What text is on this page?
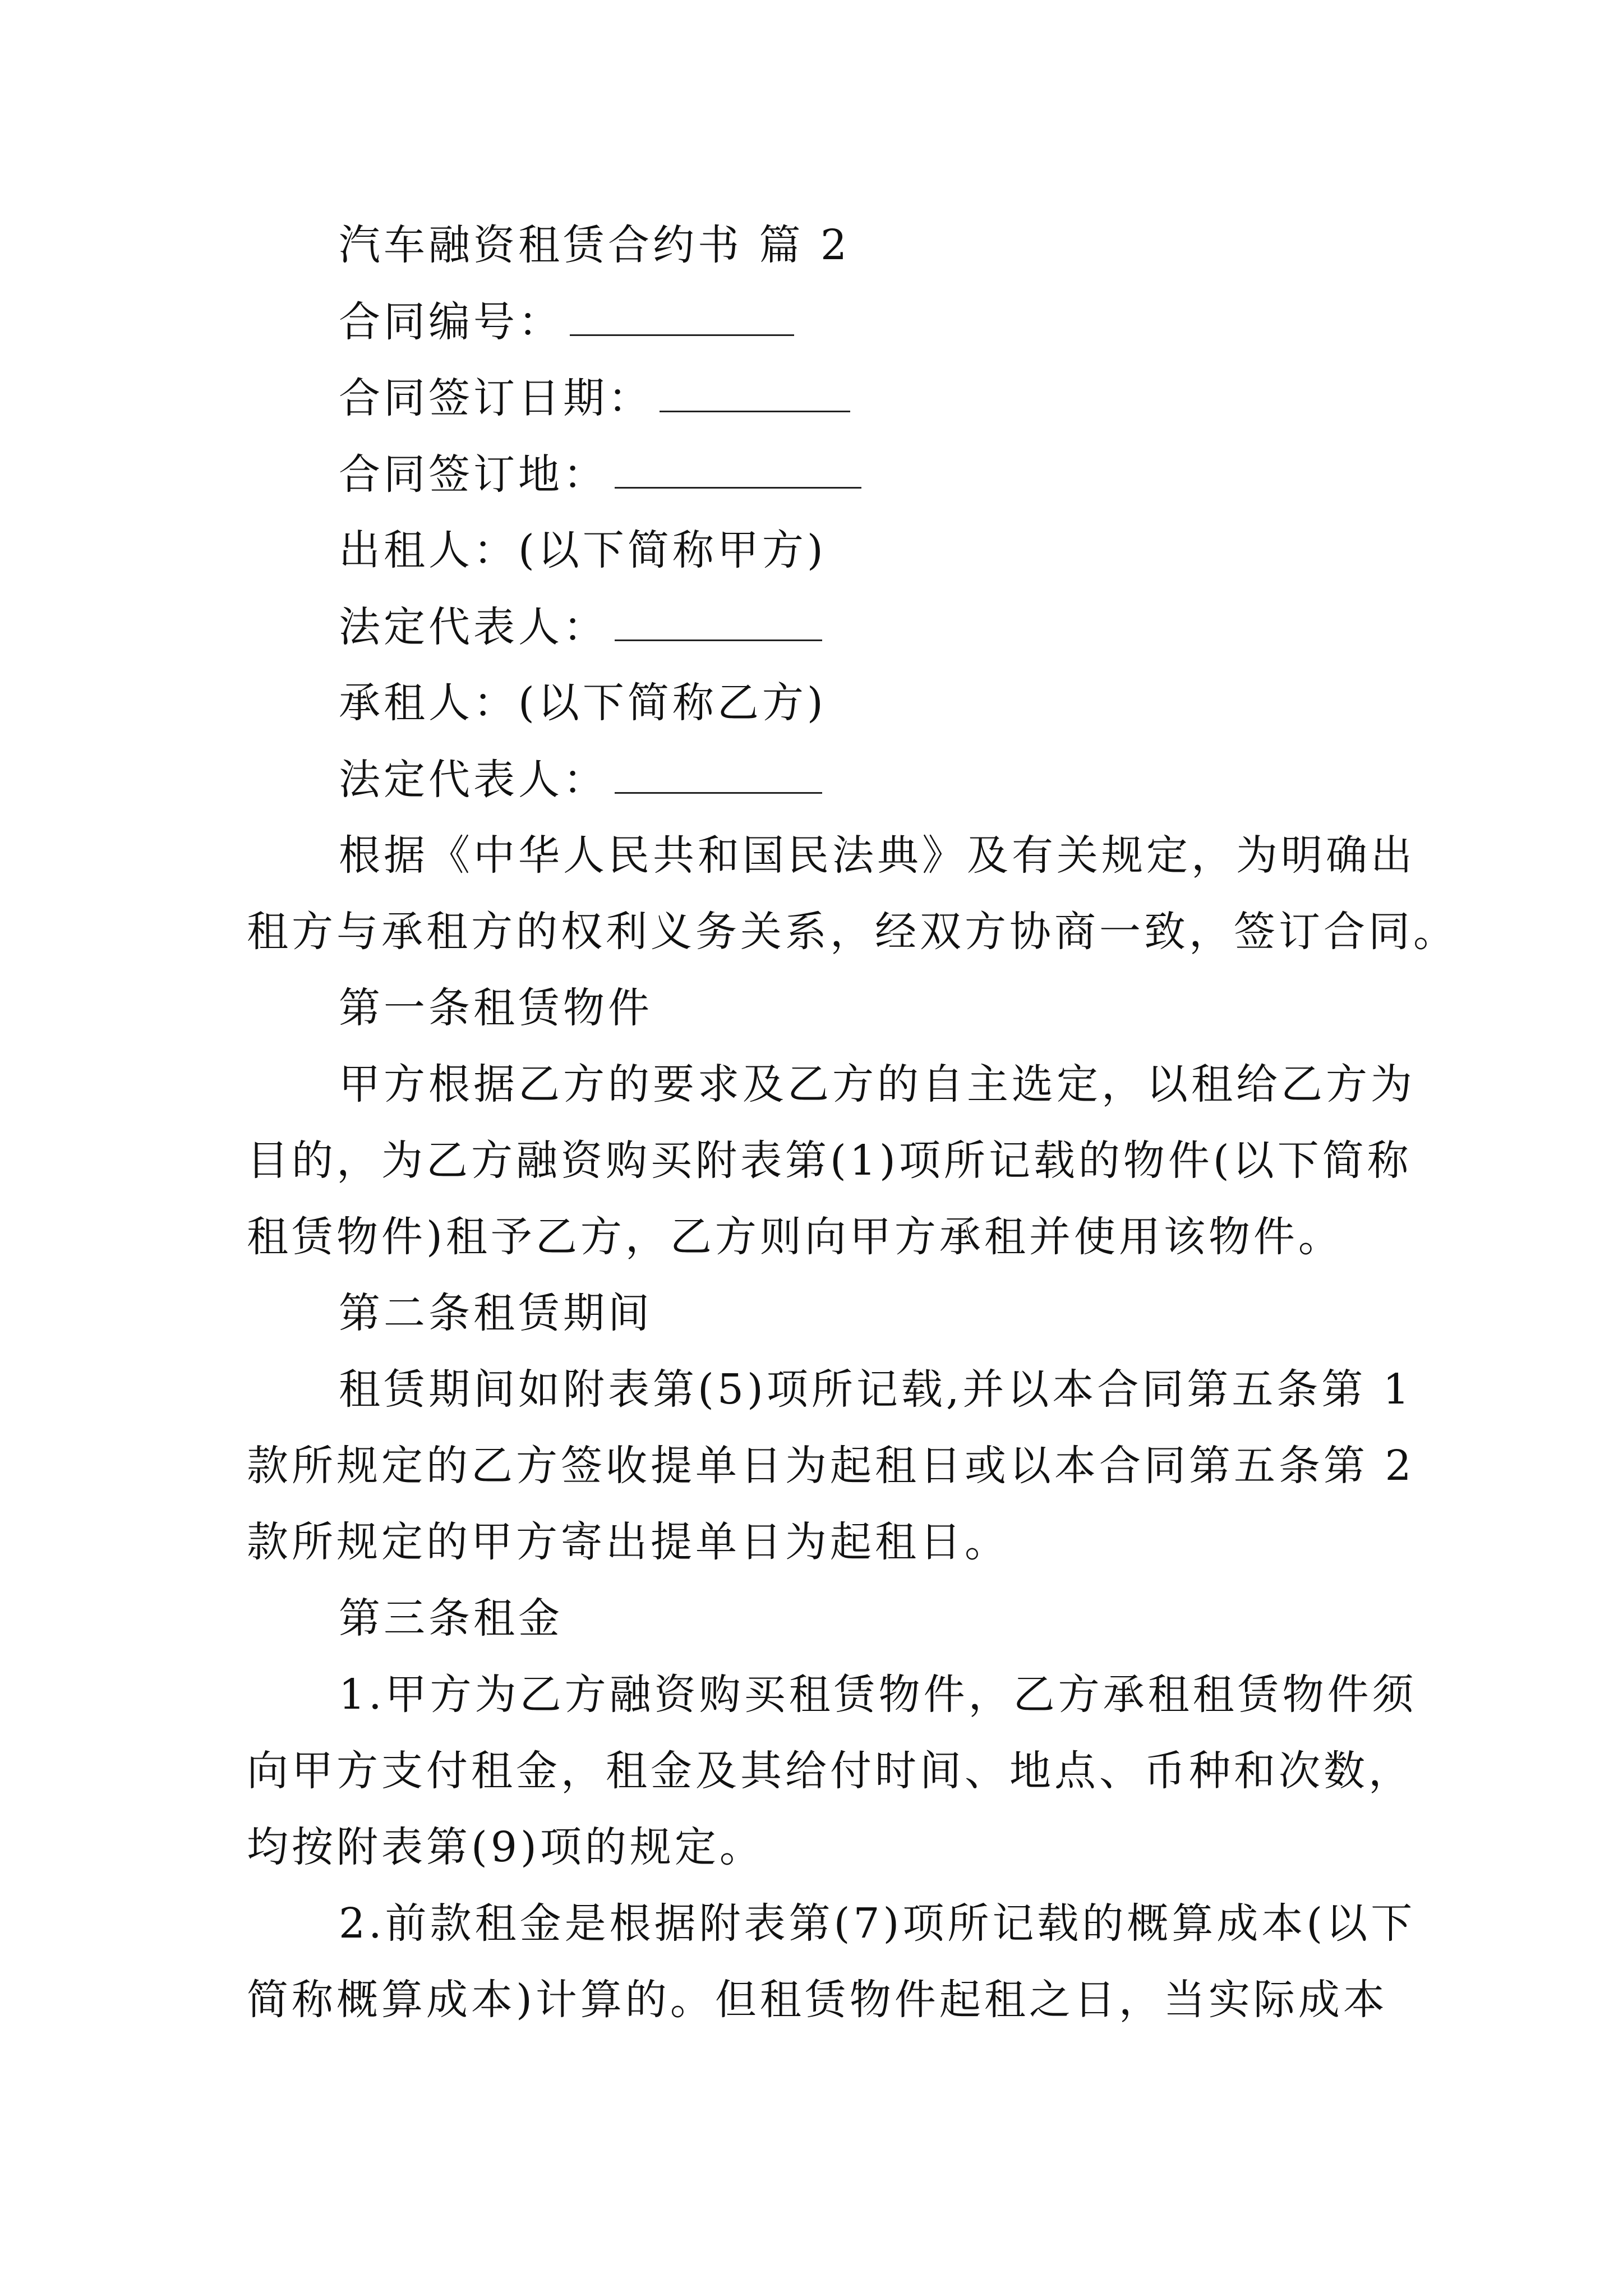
汽车融资租赁合约书 篇 2
合同编号：
合同签订日期：
合同签订地：
出租人：(以下简称甲方)
法定代表人：
承租人：(以下简称乙方)
法定代表人：
根据《中华人民共和国民法典》及有关规定，为明确出
租方与承租方的权利义务关系，经双方协商一致，签订合同。
第一条租赁物件
甲方根据乙方的要求及乙方的自主选定，以租给乙方为
目的，为乙方融资购买附表第(1)项所记载的物件(以下简称
租赁物件)租予乙方，乙方则向甲方承租并使用该物件。
第二条租赁期间
租赁期间如附表第(5)项所记载,并以本合同第五条第 1
款所规定的乙方签收提单日为起租日或以本合同第五条第 2
款所规定的甲方寄出提单日为起租日。
第三条租金
1.甲方为乙方融资购买租赁物件，乙方承租租赁物件须
向甲方支付租金，租金及其给付时间、地点、币种和次数，
均按附表第(9)项的规定。
2.前款租金是根据附表第(7)项所记载的概算成本(以下
简称概算成本)计算的。但租赁物件起租之日，当实际成本
